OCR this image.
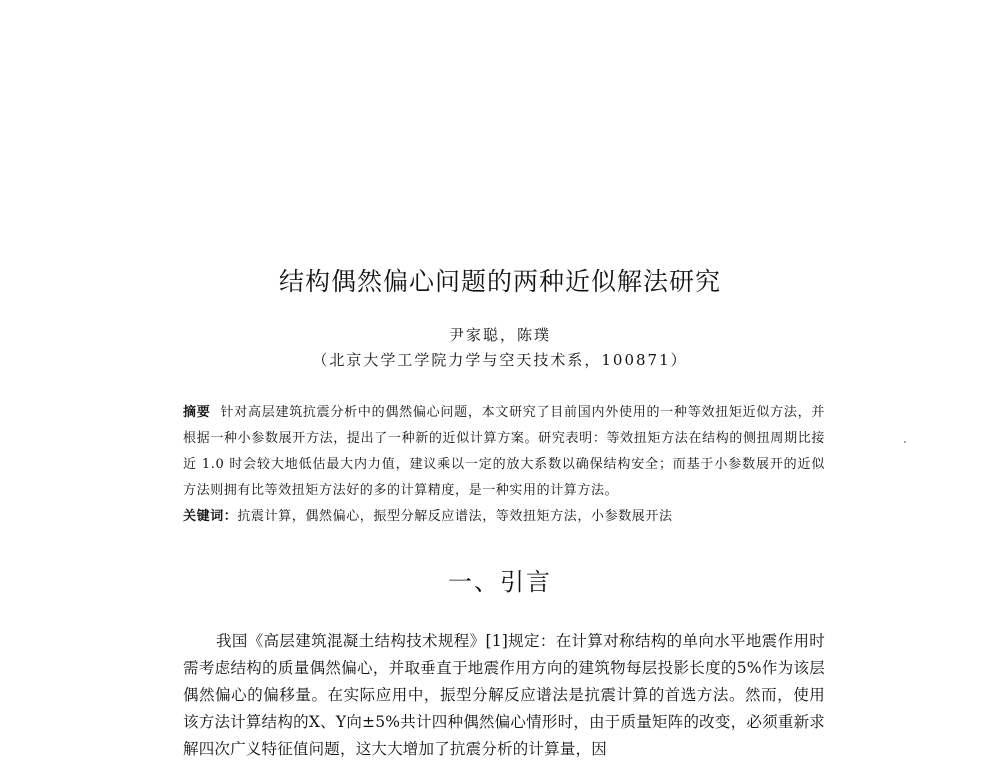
结构偶然偏心问题的两种近似解法研究
尹家聪，陈璞
（北京大学工学院力学与空天技术系，100871）
摘要 针对高层建筑抗震分析中的偶然偏心问题，本文研究了目前国内外使用的一种等效扭矩近似方法，并根据一种小参数展开方法，提出了一种新的近似计算方案。研究表明：等效扭矩方法在结构的侧扭周期比接近 1.0 时会较大地低估最大内力值，建议乘以一定的放大系数以确保结构安全；而基于小参数展开的近似方法则拥有比等效扭矩方法好的多的计算精度，是一种实用的计算方法。
关键词：抗震计算，偶然偏心，振型分解反应谱法，等效扭矩方法，小参数展开法
一、引言
我国《高层建筑混凝土结构技术规程》[1]规定：在计算对称结构的单向水平地震作用时需考虑结构的质量偶然偏心，并取垂直于地震作用方向的建筑物每层投影长度的5%作为该层偶然偏心的偏移量。在实际应用中，振型分解反应谱法是抗震计算的首选方法。然而，使用该方法计算结构的X、Y向±5%共计四种偶然偏心情形时，由于质量矩阵的改变，必须重新求解四次广义特征值问题，这大大增加了抗震分析的计算量，因
